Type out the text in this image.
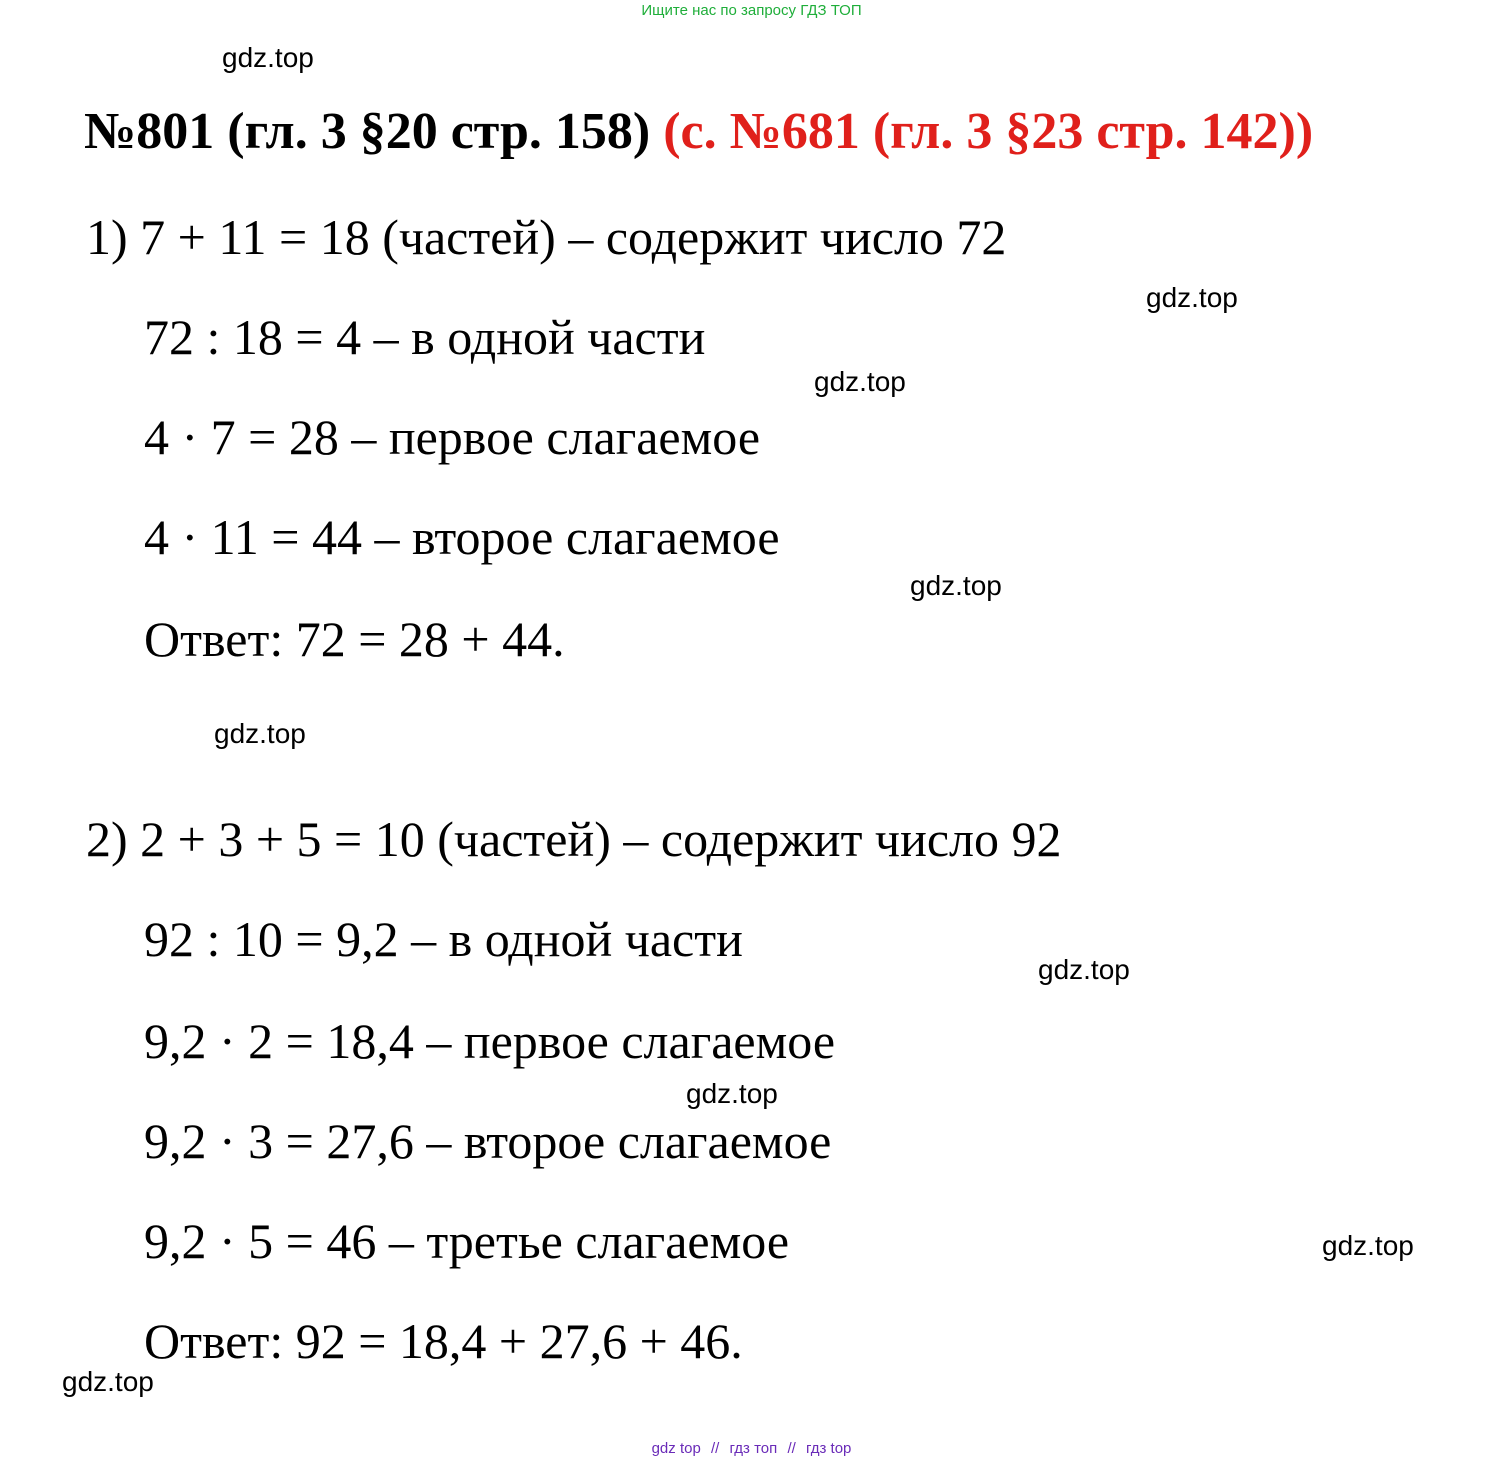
Ищите нас по запросу ГДЗ ТОП
№801 (гл. 3 §20 стр. 158) (с. №681 (гл. 3 §23 стр. 142))
1) 7 + 11 = 18 (частей) – содержит число 72
72 : 18 = 4 – в одной части
4 · 7 = 28 – первое слагаемое
4 · 11 = 44 – второе слагаемое
Ответ: 72 = 28 + 44.
2) 2 + 3 + 5 = 10 (частей) – содержит число 92
92 : 10 = 9,2 – в одной части
9,2 · 2 = 18,4 – первое слагаемое
9,2 · 3 = 27,6 – второе слагаемое
9,2 · 5 = 46 – третье слагаемое
Ответ: 92 = 18,4 + 27,6 + 46.
gdz.top
gdz.top
gdz.top
gdz.top
gdz.top
gdz.top
gdz.top
gdz.top
gdz.top
gdz top // гдз топ // гдз top
